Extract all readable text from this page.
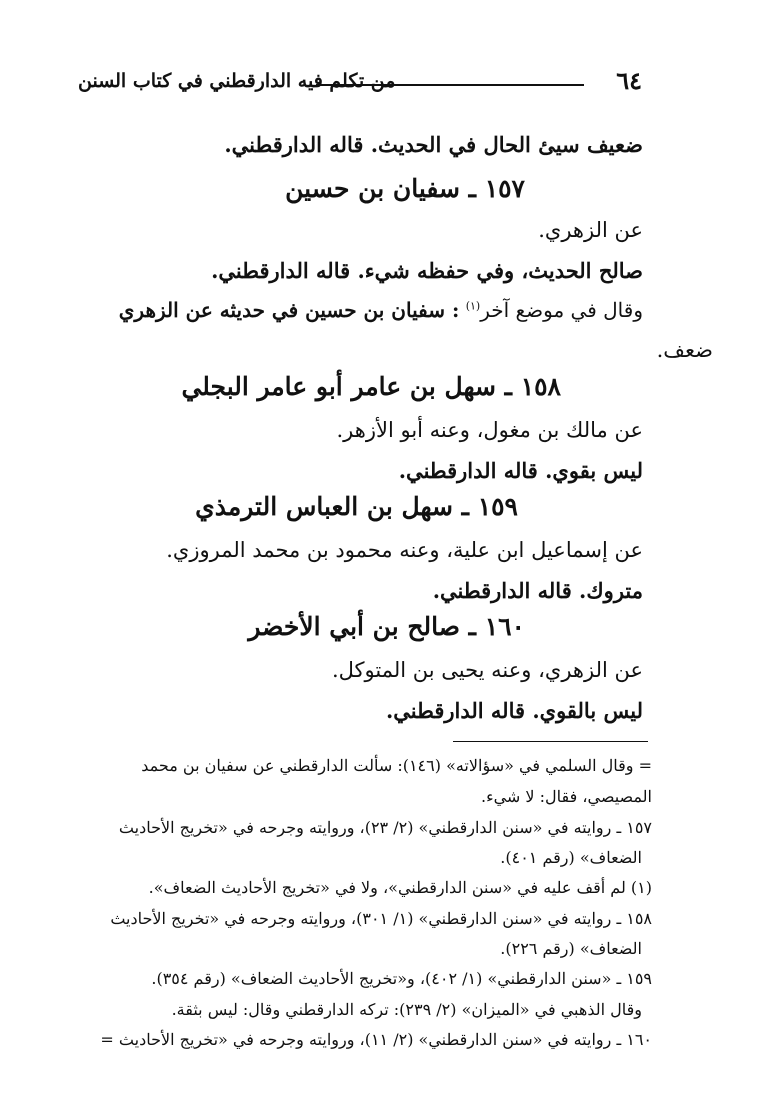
من تكلم فيه الدارقطني في كتاب السنن	٦٤
ضعيف سيئ الحال في الحديث. قاله الدارقطني.
١٥٧ ـ سفيان بن حسين
عن الزهري.
صالح الحديث، وفي حفظه شيء. قاله الدارقطني.
وقال في موضع آخر$^{(١)}$ : سفيان بن حسين في حديثه عن الزهري
ضعف.
١٥٨ ـ سهل بن عامر أبو عامر البجلي
عن مالك بن مغول، وعنه أبو الأزهر.
ليس بقوي. قاله الدارقطني.
١٥٩ ـ سهل بن العباس الترمذي
عن إسماعيل ابن علية، وعنه محمود بن محمد المروزي.
متروك. قاله الدارقطني.
١٦٠ ـ صالح بن أبي الأخضر
عن الزهري، وعنه يحيى بن المتوكل.
ليس بالقوي. قاله الدارقطني.
= وقال السلمي في «سؤالاته» (١٤٦): سألت الدارقطني عن سفيان بن محمد
المصيصي، فقال: لا شيء.
١٥٧ ـ روايته في «سنن الدارقطني» (٢/ ٢٣)، وروايته وجرحه في «تخريج الأحاديث
الضعاف» (رقم ٤٠١).
(١) لم أقف عليه في «سنن الدارقطني»، ولا في «تخريج الأحاديث الضعاف».
١٥٨ ـ روايته في «سنن الدارقطني» (١/ ٣٠١)، وروايته وجرحه في «تخريج الأحاديث
الضعاف» (رقم ٢٢٦).
١٥٩ ـ «سنن الدارقطني» (١/ ٤٠٢)، و«تخريج الأحاديث الضعاف» (رقم ٣٥٤).
وقال الذهبي في «الميزان» (٢/ ٢٣٩): تركه الدارقطني وقال: ليس بثقة.
١٦٠ ـ روايته في «سنن الدارقطني» (٢/ ١١)، وروايته وجرحه في «تخريج الأحاديث =
